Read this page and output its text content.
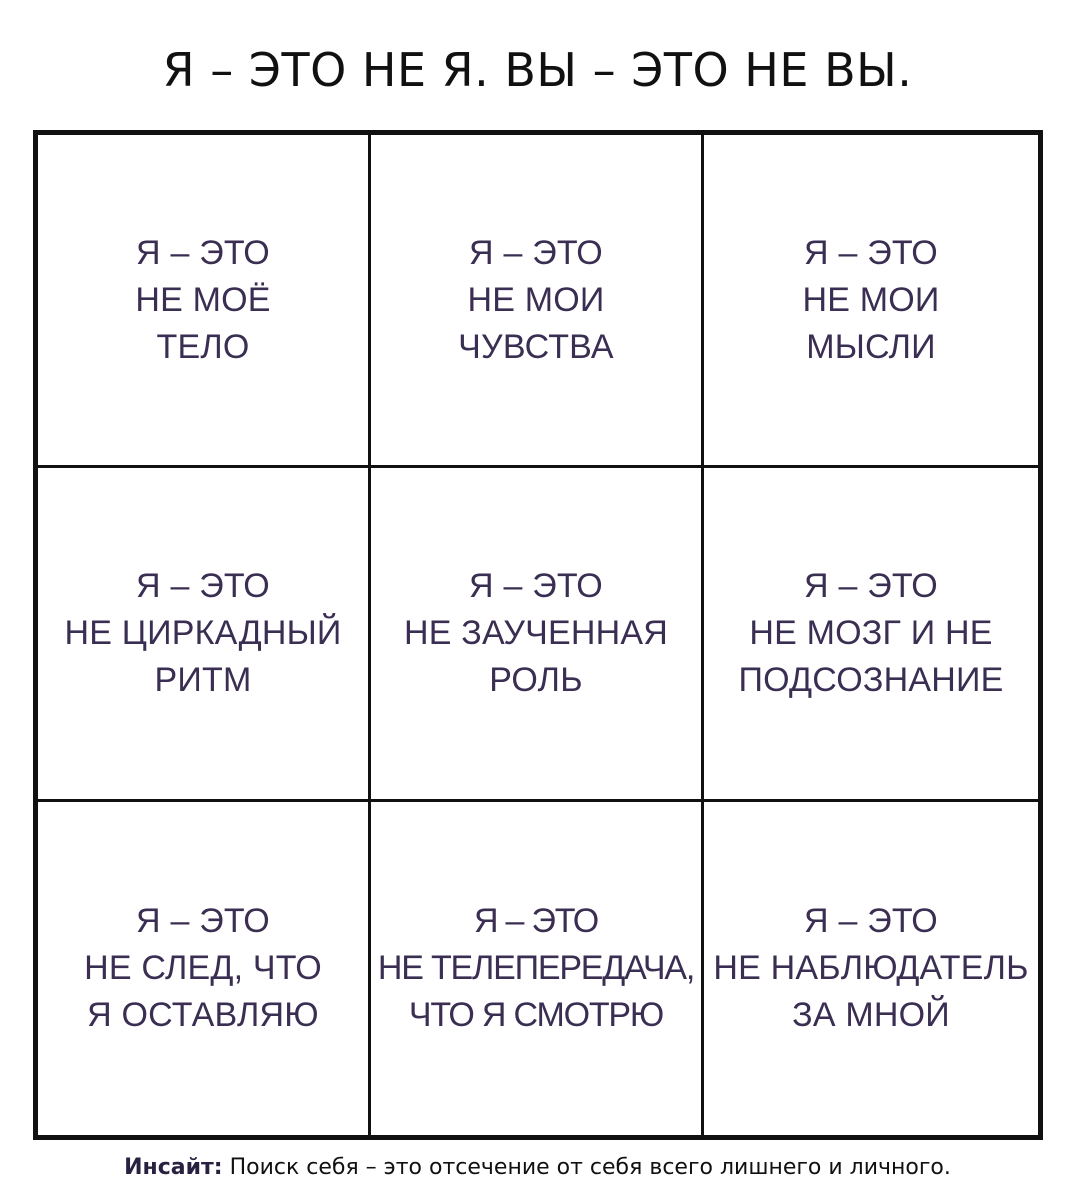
Я – ЭТО НЕ Я. ВЫ – ЭТО НЕ ВЫ.
Я – ЭТО
НЕ МОЁ
ТЕЛО
Я – ЭТО
НЕ МОИ
ЧУВСТВА
Я – ЭТО
НЕ МОИ
МЫСЛИ
Я – ЭТО
НЕ ЦИРКАДНЫЙ
РИТМ
Я – ЭТО
НЕ ЗАУЧЕННАЯ
РОЛЬ
Я – ЭТО
НЕ МОЗГ И НЕ
ПОДСОЗНАНИЕ
Я – ЭТО
НЕ СЛЕД, ЧТО
Я ОСТАВЛЯЮ
Я – ЭТО
НЕ ТЕЛЕПЕРЕДАЧА,
ЧТО Я СМОТРЮ
Я – ЭТО
НЕ НАБЛЮДАТЕЛЬ
ЗА МНОЙ
Инсайт: Поиск себя – это отсечение от себя всего лишнего и личного.
